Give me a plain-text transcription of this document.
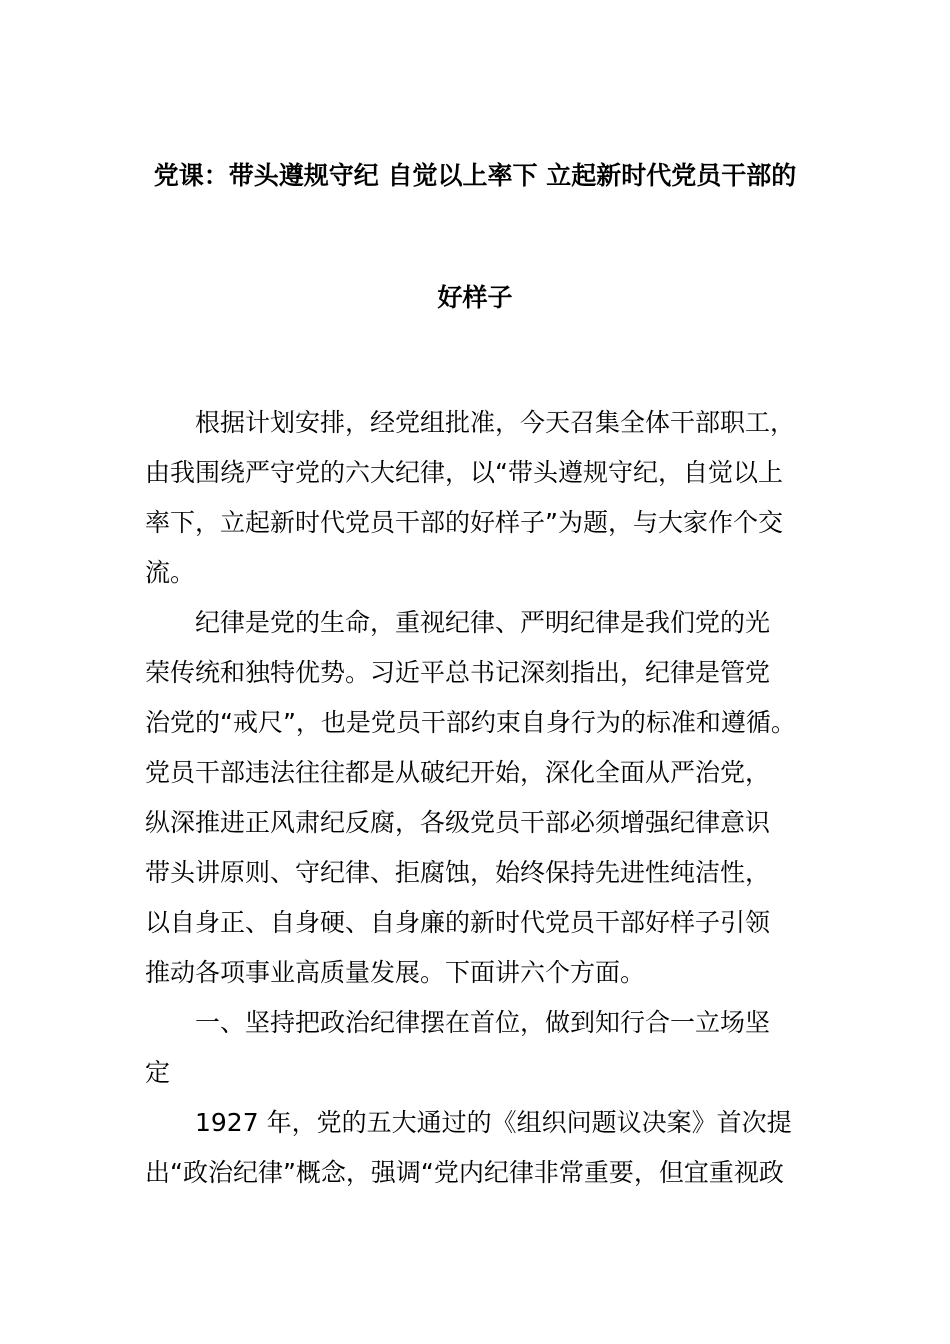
党课：带头遵规守纪 自觉以上率下 立起新时代党员干部的
好样子
根据计划安排，经党组批准，今天召集全体干部职工，
由我围绕严守党的六大纪律，以“带头遵规守纪，自觉以上
率下，立起新时代党员干部的好样子”为题，与大家作个交
流。
纪律是党的生命，重视纪律、严明纪律是我们党的光
荣传统和独特优势。习近平总书记深刻指出，纪律是管党
治党的“戒尺”，也是党员干部约束自身行为的标准和遵循。
党员干部违法往往都是从破纪开始，深化全面从严治党，
纵深推进正风肃纪反腐，各级党员干部必须增强纪律意识
带头讲原则、守纪律、拒腐蚀，始终保持先进性纯洁性，
以自身正、自身硬、自身廉的新时代党员干部好样子引领
推动各项事业高质量发展。下面讲六个方面。
一、坚持把政治纪律摆在首位，做到知行合一立场坚
定
1927 年，党的五大通过的《组织问题议决案》首次提
出“政治纪律”概念，强调“党内纪律非常重要，但宜重视政
